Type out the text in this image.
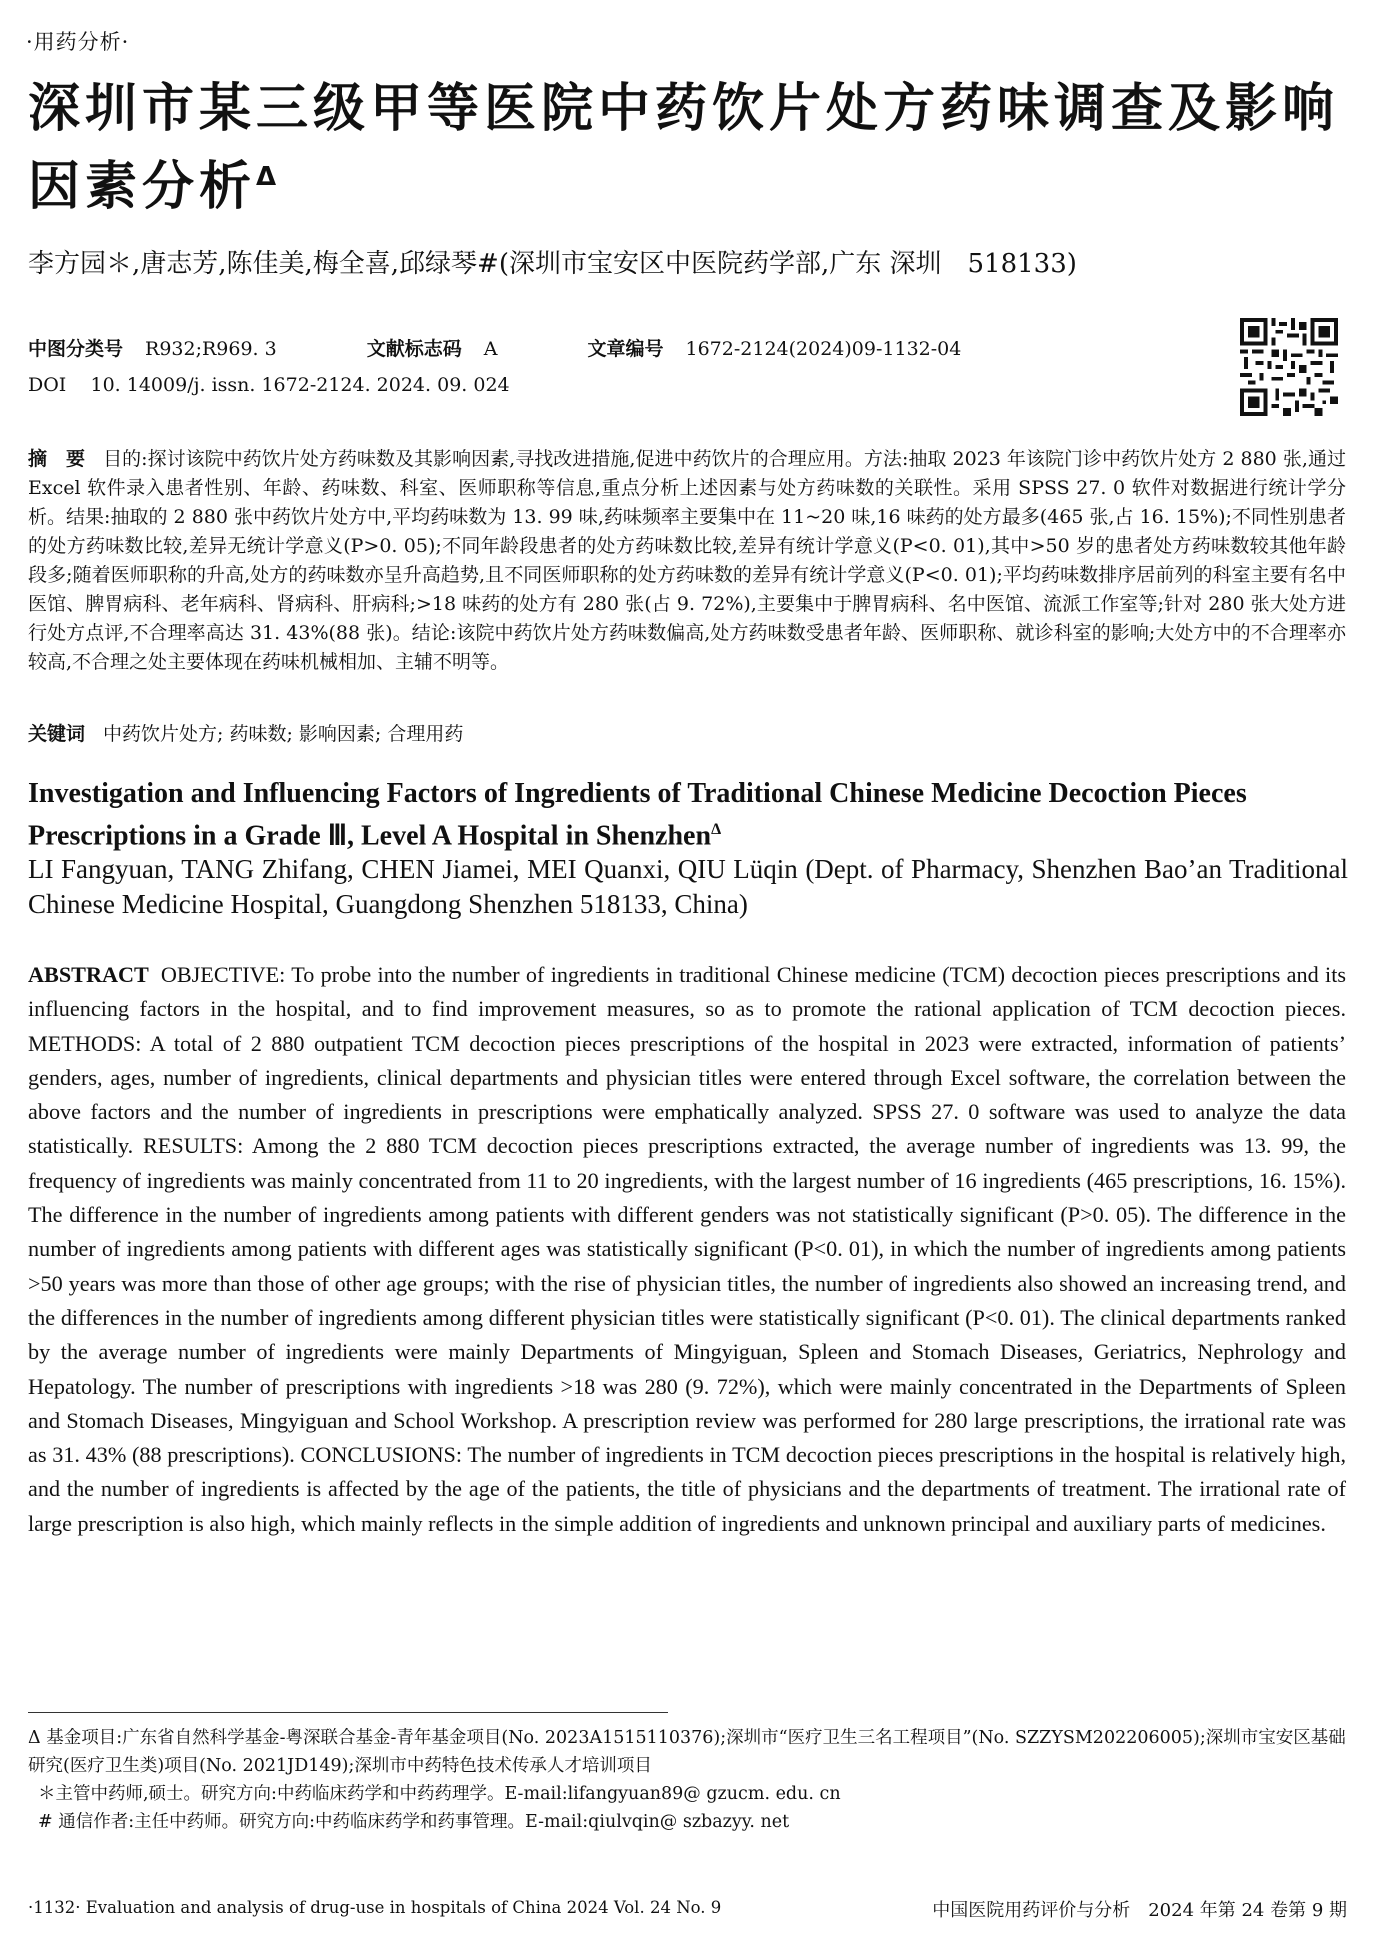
·用药分析·
深圳市某三级甲等医院中药饮片处方药味调查及影响因素分析$^\Delta$
李方园＊,唐志芳,陈佳美,梅全喜,邱绿琴#(深圳市宝安区中医院药学部,广东 深圳　518133)
中图分类号 R932;R969. 3	文献标志码 A	文章编号 1672-2124(2024)09-1132-04
DOI 10. 14009/j. issn. 1672-2124. 2024. 09. 024
摘　要 目的:探讨该院中药饮片处方药味数及其影响因素,寻找改进措施,促进中药饮片的合理应用。方法:抽取 2023 年该院门诊中药饮片处方 2 880 张,通过 Excel 软件录入患者性别、年龄、药味数、科室、医师职称等信息,重点分析上述因素与处方药味数的关联性。采用 SPSS 27. 0 软件对数据进行统计学分析。结果:抽取的 2 880 张中药饮片处方中,平均药味数为 13. 99 味,药味频率主要集中在 11~20 味,16 味药的处方最多(465 张,占 16. 15%);不同性别患者的处方药味数比较,差异无统计学意义(P>0. 05);不同年龄段患者的处方药味数比较,差异有统计学意义(P<0. 01),其中>50 岁的患者处方药味数较其他年龄段多;随着医师职称的升高,处方的药味数亦呈升高趋势,且不同医师职称的处方药味数的差异有统计学意义(P<0. 01);平均药味数排序居前列的科室主要有名中医馆、脾胃病科、老年病科、肾病科、肝病科;>18 味药的处方有 280 张(占 9. 72%),主要集中于脾胃病科、名中医馆、流派工作室等;针对 280 张大处方进行处方点评,不合理率高达 31. 43%(88 张)。结论:该院中药饮片处方药味数偏高,处方药味数受患者年龄、医师职称、就诊科室的影响;大处方中的不合理率亦较高,不合理之处主要体现在药味机械相加、主辅不明等。
关键词 中药饮片处方; 药味数; 影响因素; 合理用药
Investigation and Influencing Factors of Ingredients of Traditional Chinese Medicine Decoction Pieces Prescriptions in a Grade Ⅲ, Level A Hospital in Shenzhen$^\Delta$
LI Fangyuan, TANG Zhifang, CHEN Jiamei, MEI Quanxi, QIU Lüqin (Dept. of Pharmacy, Shenzhen Bao’an Traditional Chinese Medicine Hospital, Guangdong Shenzhen 518133, China)
ABSTRACT OBJECTIVE: To probe into the number of ingredients in traditional Chinese medicine (TCM) decoction pieces prescriptions and its influencing factors in the hospital, and to find improvement measures, so as to promote the rational application of TCM decoction pieces. METHODS: A total of 2 880 outpatient TCM decoction pieces prescriptions of the hospital in 2023 were extracted, information of patients’ genders, ages, number of ingredients, clinical departments and physician titles were entered through Excel software, the correlation between the above factors and the number of ingredients in prescriptions were emphatically analyzed. SPSS 27. 0 software was used to analyze the data statistically. RESULTS: Among the 2 880 TCM decoction pieces prescriptions extracted, the average number of ingredients was 13. 99, the frequency of ingredients was mainly concentrated from 11 to 20 ingredients, with the largest number of 16 ingredients (465 prescriptions, 16. 15%). The difference in the number of ingredients among patients with different genders was not statistically significant (P>0. 05). The difference in the number of ingredients among patients with different ages was statistically significant (P<0. 01), in which the number of ingredients among patients >50 years was more than those of other age groups; with the rise of physician titles, the number of ingredients also showed an increasing trend, and the differences in the number of ingredients among different physician titles were statistically significant (P<0. 01). The clinical departments ranked by the average number of ingredients were mainly Departments of Mingyiguan, Spleen and Stomach Diseases, Geriatrics, Nephrology and Hepatology. The number of prescriptions with ingredients >18 was 280 (9. 72%), which were mainly concentrated in the Departments of Spleen and Stomach Diseases, Mingyiguan and School Workshop. A prescription review was performed for 280 large prescriptions, the irrational rate was as 31. 43% (88 prescriptions). CONCLUSIONS: The number of ingredients in TCM decoction pieces prescriptions in the hospital is relatively high, and the number of ingredients is affected by the age of the patients, the title of physicians and the departments of treatment. The irrational rate of large prescription is also high, which mainly reflects in the simple addition of ingredients and unknown principal and auxiliary parts of medicines.

Δ 基金项目:广东省自然科学基金-粤深联合基金-青年基金项目(No. 2023A1515110376);深圳市“医疗卫生三名工程项目”(No. SZZYSM202206005);深圳市宝安区基础研究(医疗卫生类)项目(No. 2021JD149);深圳市中药特色技术传承人才培训项目

＊主管中药师,硕士。研究方向:中药临床药学和中药药理学。E-mail:lifangyuan89@ gzucm. edu. cn

# 通信作者:主任中药师。研究方向:中药临床药学和药事管理。E-mail:qiulvqin@ szbazyy. net

·1132· Evaluation and analysis of drug-use in hospitals of China 2024 Vol. 24 No. 9	中国医院用药评价与分析　2024 年第 24 卷第 9 期
